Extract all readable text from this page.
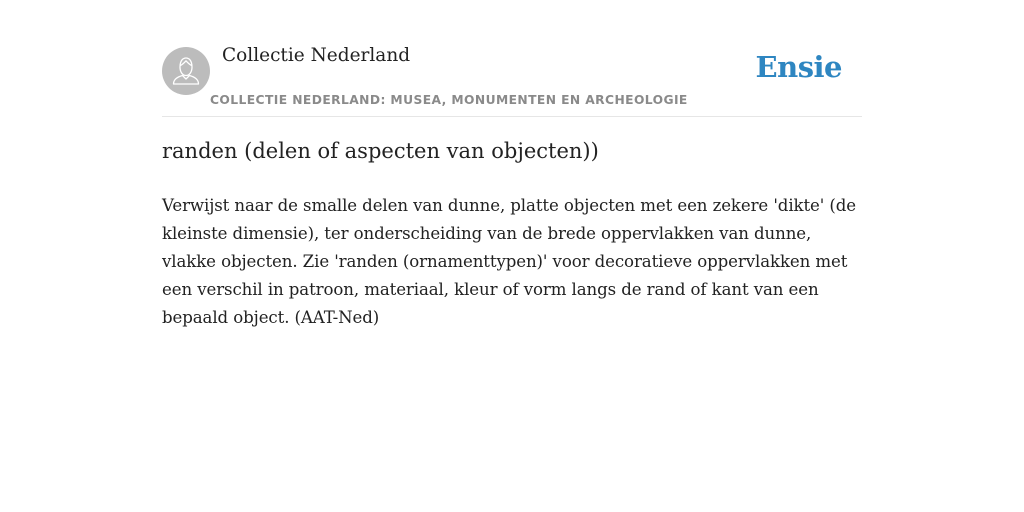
Collectie Nederland
COLLECTIE NEDERLAND: MUSEA, MONUMENTEN EN ARCHEOLOGIE
Ensie
randen (delen of aspecten van objecten))

Verwijst naar de smalle delen van dunne, platte objecten met een zekere 'dikte' (de kleinste dimensie), ter onderscheiding van de brede oppervlakken van dunne, vlakke objecten. Zie 'randen (ornamenttypen)' voor decoratieve oppervlakken met een verschil in patroon, materiaal, kleur of vorm langs de rand of kant van een bepaald object. (AAT-Ned)
